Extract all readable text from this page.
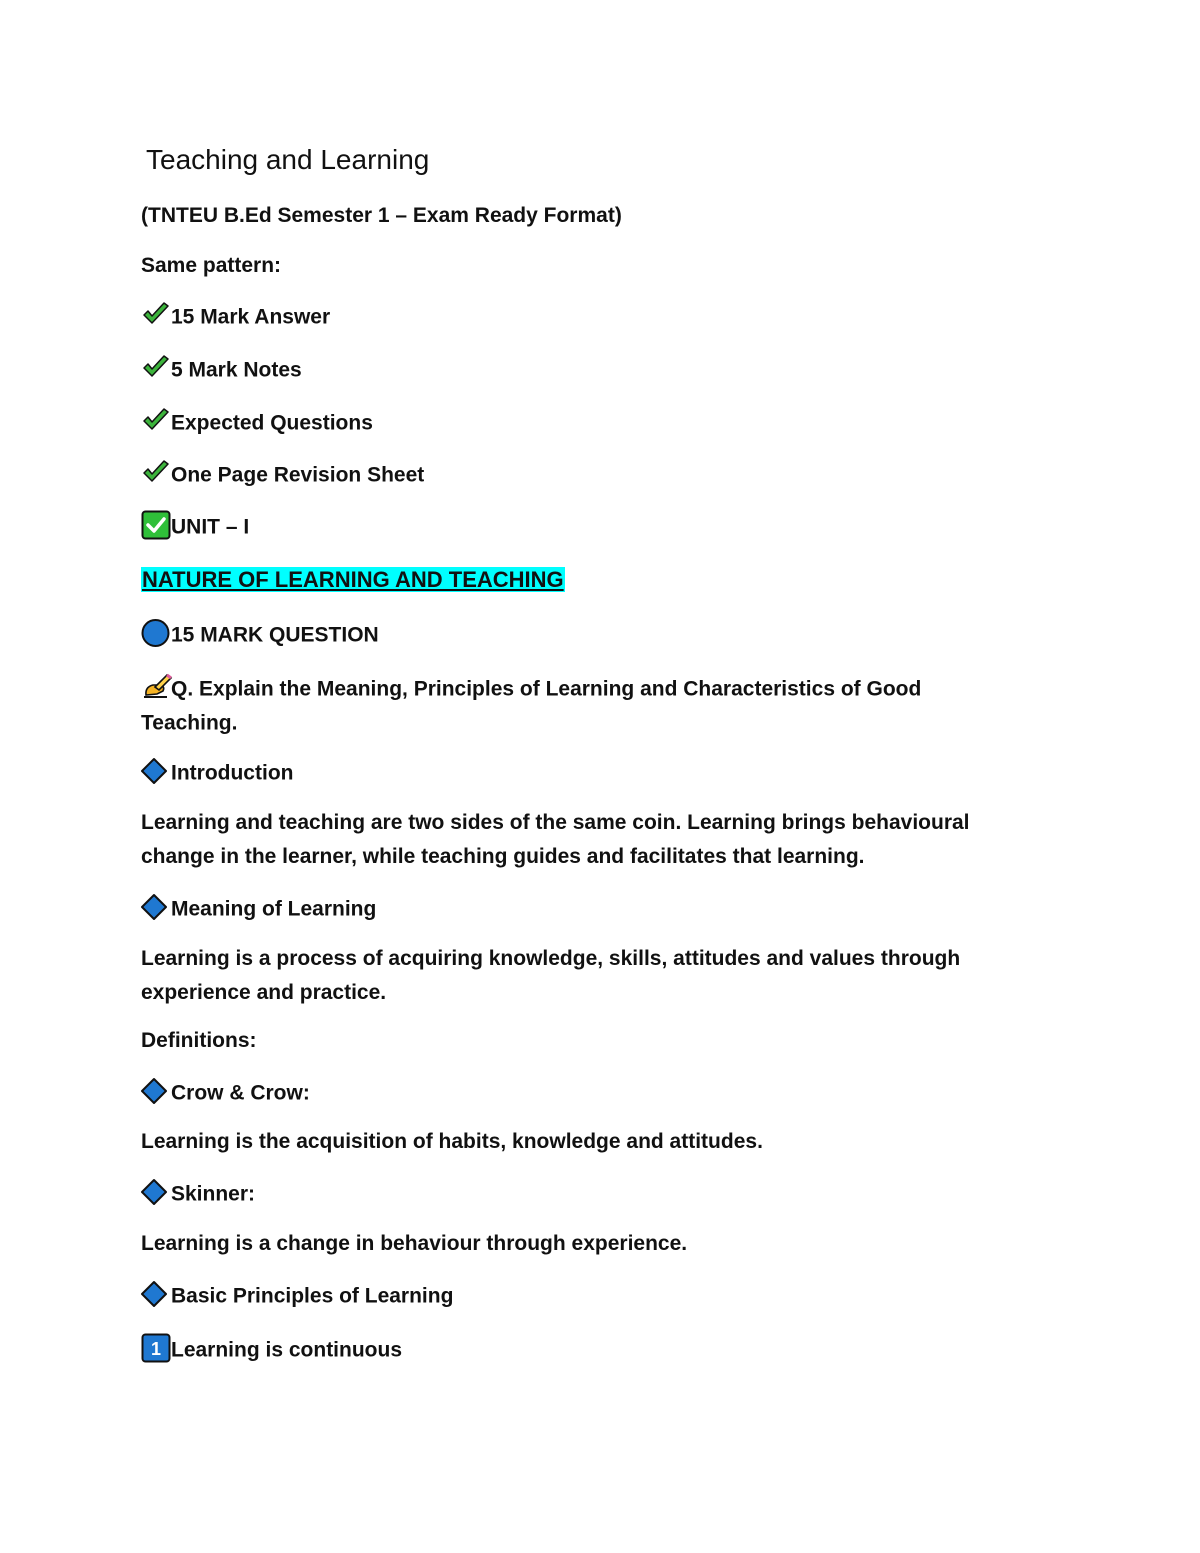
Teaching and Learning
(TNTEU B.Ed Semester 1 – Exam Ready Format)
Same pattern:
15 Mark Answer
5 Mark Notes
Expected Questions
One Page Revision Sheet
UNIT – I
NATURE OF LEARNING AND TEACHING
15 MARK QUESTION
Q. Explain the Meaning, Principles of Learning and Characteristics of Good Teaching.
Introduction
Learning and teaching are two sides of the same coin. Learning brings behavioural
change in the learner, while teaching guides and facilitates that learning.
Meaning of Learning
Learning is a process of acquiring knowledge, skills, attitudes and values through
experience and practice.
Definitions:
Crow & Crow:
Learning is the acquisition of habits, knowledge and attitudes.
Skinner:
Learning is a change in behaviour through experience.
Basic Principles of Learning
1 Learning is continuous
